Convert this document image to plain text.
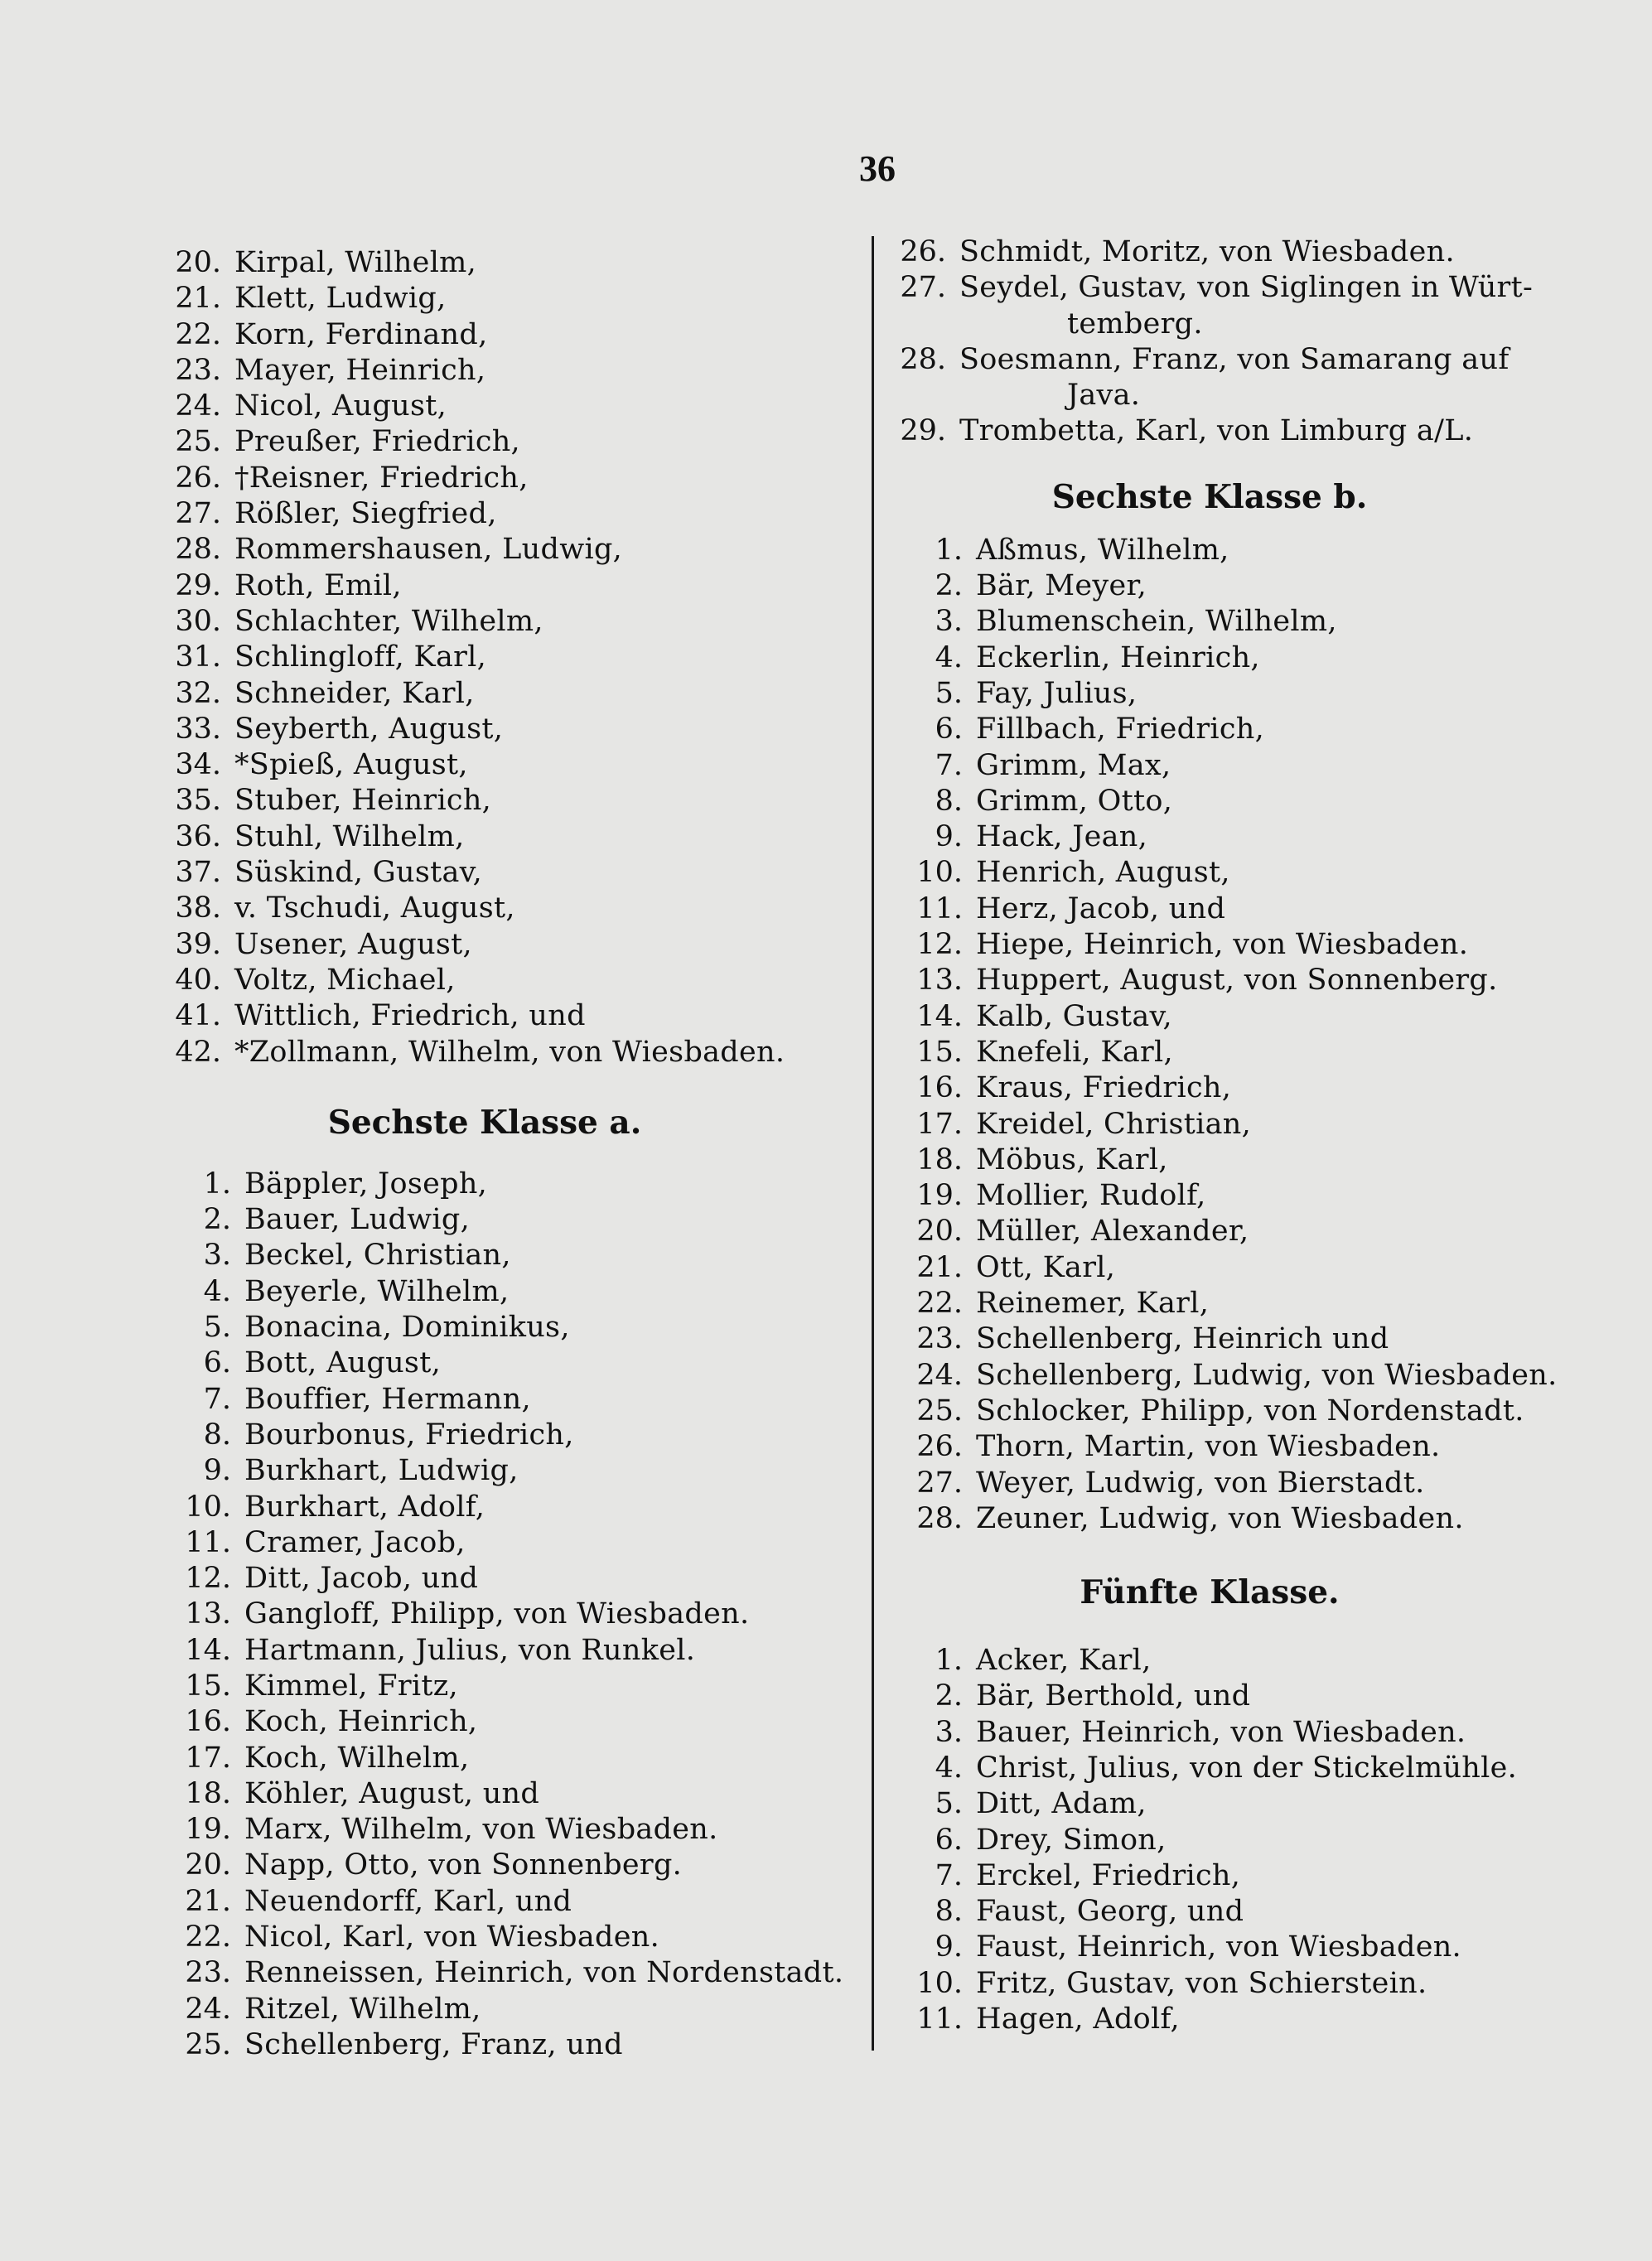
36
20. Kirpal, Wilhelm,
21. Klett, Ludwig,
22. Korn, Ferdinand,
23. Mayer, Heinrich,
24. Nicol, August,
25. Preußer, Friedrich,
26. †Reisner, Friedrich,
27. Rößler, Siegfried,
28. Rommershausen, Ludwig,
29. Roth, Emil,
30. Schlachter, Wilhelm,
31. Schlingloff, Karl,
32. Schneider, Karl,
33. Seyberth, August,
34. *Spieß, August,
35. Stuber, Heinrich,
36. Stuhl, Wilhelm,
37. Süskind, Gustav,
38. v. Tschudi, August,
39. Usener, August,
40. Voltz, Michael,
41. Wittlich, Friedrich, und
42. *Zollmann, Wilhelm, von Wiesbaden.
Sechste Klasse a.
1. Bäppler, Joseph,
2. Bauer, Ludwig,
3. Beckel, Christian,
4. Beyerle, Wilhelm,
5. Bonacina, Dominikus,
6. Bott, August,
7. Bouffier, Hermann,
8. Bourbonus, Friedrich,
9. Burkhart, Ludwig,
10. Burkhart, Adolf,
11. Cramer, Jacob,
12. Ditt, Jacob, und
13. Gangloff, Philipp, von Wiesbaden.
14. Hartmann, Julius, von Runkel.
15. Kimmel, Fritz,
16. Koch, Heinrich,
17. Koch, Wilhelm,
18. Köhler, August, und
19. Marx, Wilhelm, von Wiesbaden.
20. Napp, Otto, von Sonnenberg.
21. Neuendorff, Karl, und
22. Nicol, Karl, von Wiesbaden.
23. Renneissen, Heinrich, von Nordenstadt.
24. Ritzel, Wilhelm,
25. Schellenberg, Franz, und
26. Schmidt, Moritz, von Wiesbaden.
27. Seydel, Gustav, von Siglingen in Würt-
temberg.
28. Soesmann, Franz, von Samarang auf
Java.
29. Trombetta, Karl, von Limburg a/L.
Sechste Klasse b.
1. Aßmus, Wilhelm,
2. Bär, Meyer,
3. Blumenschein, Wilhelm,
4. Eckerlin, Heinrich,
5. Fay, Julius,
6. Fillbach, Friedrich,
7. Grimm, Max,
8. Grimm, Otto,
9. Hack, Jean,
10. Henrich, August,
11. Herz, Jacob, und
12. Hiepe, Heinrich, von Wiesbaden.
13. Huppert, August, von Sonnenberg.
14. Kalb, Gustav,
15. Knefeli, Karl,
16. Kraus, Friedrich,
17. Kreidel, Christian,
18. Möbus, Karl,
19. Mollier, Rudolf,
20. Müller, Alexander,
21. Ott, Karl,
22. Reinemer, Karl,
23. Schellenberg, Heinrich und
24. Schellenberg, Ludwig, von Wiesbaden.
25. Schlocker, Philipp, von Nordenstadt.
26. Thorn, Martin, von Wiesbaden.
27. Weyer, Ludwig, von Bierstadt.
28. Zeuner, Ludwig, von Wiesbaden.
Fünfte Klasse.
1. Acker, Karl,
2. Bär, Berthold, und
3. Bauer, Heinrich, von Wiesbaden.
4. Christ, Julius, von der Stickelmühle.
5. Ditt, Adam,
6. Drey, Simon,
7. Erckel, Friedrich,
8. Faust, Georg, und
9. Faust, Heinrich, von Wiesbaden.
10. Fritz, Gustav, von Schierstein.
11. Hagen, Adolf,
